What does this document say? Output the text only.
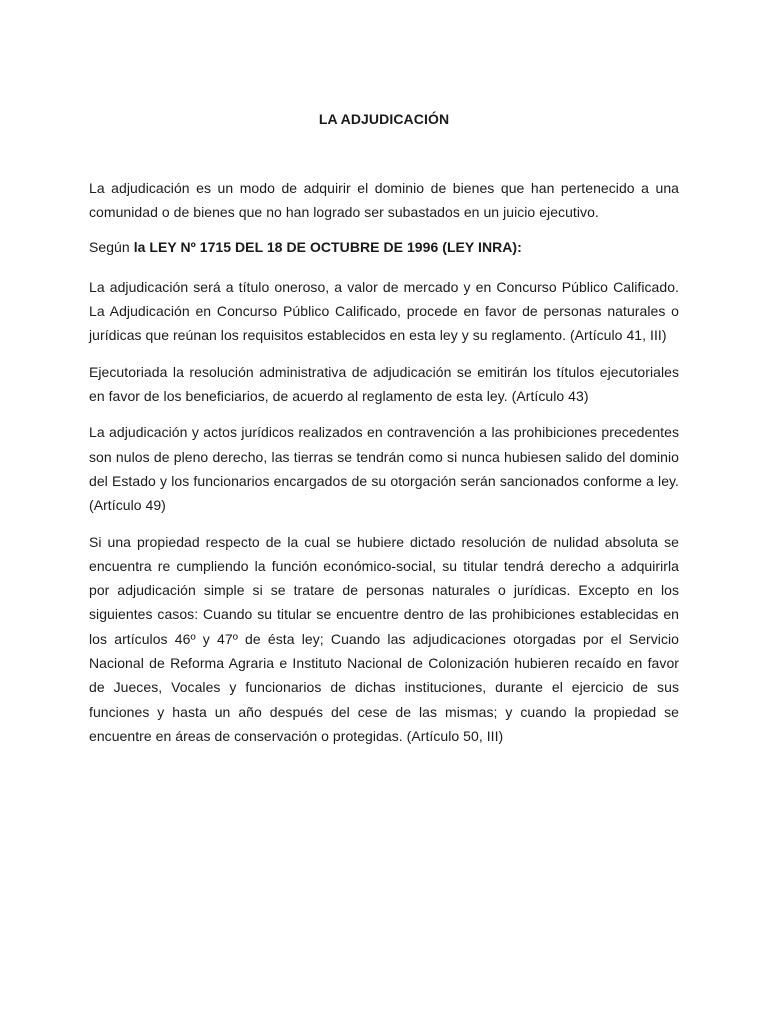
LA ADJUDICACIÓN

La adjudicación es un modo de adquirir el dominio de bienes que han pertenecido a una comunidad o de bienes que no han logrado ser subastados en un juicio ejecutivo.

Según la LEY Nº 1715 DEL 18 DE OCTUBRE DE 1996 (LEY INRA):

La adjudicación será a título oneroso, a valor de mercado y en Concurso Público Calificado. La Adjudicación en Concurso Público Calificado, procede en favor de personas naturales o jurídicas que reúnan los requisitos establecidos en esta ley y su reglamento. (Artículo 41, III)

Ejecutoriada la resolución administrativa de adjudicación se emitirán los títulos ejecutoriales en favor de los beneficiarios, de acuerdo al reglamento de esta ley. (Artículo 43)

La adjudicación y actos jurídicos realizados en contravención a las prohibiciones precedentes son nulos de pleno derecho, las tierras se tendrán como si nunca hubiesen salido del dominio del Estado y los funcionarios encargados de su otorgación serán sancionados conforme a ley. (Artículo 49)

Si una propiedad respecto de la cual se hubiere dictado resolución de nulidad absoluta se encuentra re cumpliendo la función económico-social, su titular tendrá derecho a adquirirla por adjudicación simple si se tratare de personas naturales o jurídicas. Excepto en los siguientes casos: Cuando su titular se encuentre dentro de las prohibiciones establecidas en los artículos 46º y 47º de ésta ley; Cuando las adjudicaciones otorgadas por el Servicio Nacional de Reforma Agraria e Instituto Nacional de Colonización hubieren recaído en favor de Jueces, Vocales y funcionarios de dichas instituciones, durante el ejercicio de sus funciones y hasta un año después del cese de las mismas; y cuando la propiedad se encuentre en áreas de conservación o protegidas. (Artículo 50, III)
